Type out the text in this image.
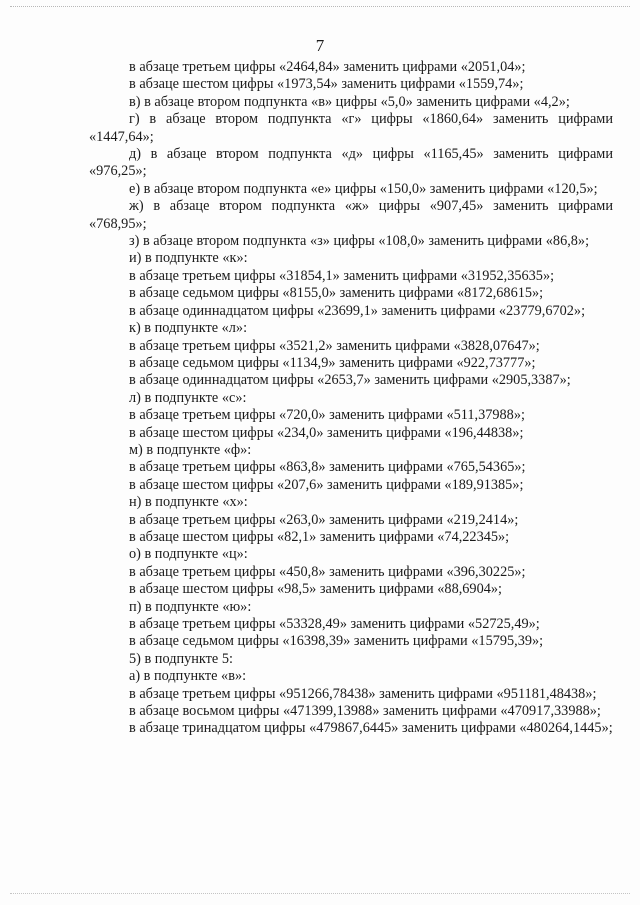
7

в абзаце третьем цифры «2464,84» заменить цифрами «2051,04»;

в абзаце шестом цифры «1973,54» заменить цифрами «1559,74»;

в) в абзаце втором подпункта «в» цифры «5,0» заменить цифрами «4,2»;

г) в абзаце втором подпункта «г» цифры «1860,64» заменить цифрами «1447,64»;

д) в абзаце втором подпункта «д» цифры «1165,45» заменить цифрами «976,25»;

е) в абзаце втором подпункта «е» цифры «150,0» заменить цифрами «120,5»;

ж) в абзаце втором подпункта «ж» цифры «907,45» заменить цифрами «768,95»;

з) в абзаце втором подпункта «з» цифры «108,0» заменить цифрами «86,8»;

и) в подпункте «к»:

в абзаце третьем цифры «31854,1» заменить цифрами «31952,35635»;

в абзаце седьмом цифры «8155,0» заменить цифрами «8172,68615»;

в абзаце одиннадцатом цифры «23699,1» заменить цифрами «23779,6702»;

к) в подпункте «л»:

в абзаце третьем цифры «3521,2» заменить цифрами «3828,07647»;

в абзаце седьмом цифры «1134,9» заменить цифрами «922,73777»;

в абзаце одиннадцатом цифры «2653,7» заменить цифрами «2905,3387»;

л) в подпункте «с»:

в абзаце третьем цифры «720,0» заменить цифрами «511,37988»;

в абзаце шестом цифры «234,0» заменить цифрами «196,44838»;

м) в подпункте «ф»:

в абзаце третьем цифры «863,8» заменить цифрами «765,54365»;

в абзаце шестом цифры «207,6» заменить цифрами «189,91385»;

н) в подпункте «х»:

в абзаце третьем цифры «263,0» заменить цифрами «219,2414»;

в абзаце шестом цифры «82,1» заменить цифрами «74,22345»;

о) в подпункте «ц»:

в абзаце третьем цифры «450,8» заменить цифрами «396,30225»;

в абзаце шестом цифры «98,5» заменить цифрами «88,6904»;

п) в подпункте «ю»:

в абзаце третьем цифры «53328,49» заменить цифрами «52725,49»;

в абзаце седьмом цифры «16398,39» заменить цифрами «15795,39»;

5) в подпункте 5:

а) в подпункте «в»:

в абзаце третьем цифры «951266,78438» заменить цифрами «951181,48438»;

в абзаце восьмом цифры «471399,13988» заменить цифрами «470917,33988»;

в абзаце тринадцатом цифры «479867,6445» заменить цифрами «480264,1445»;
